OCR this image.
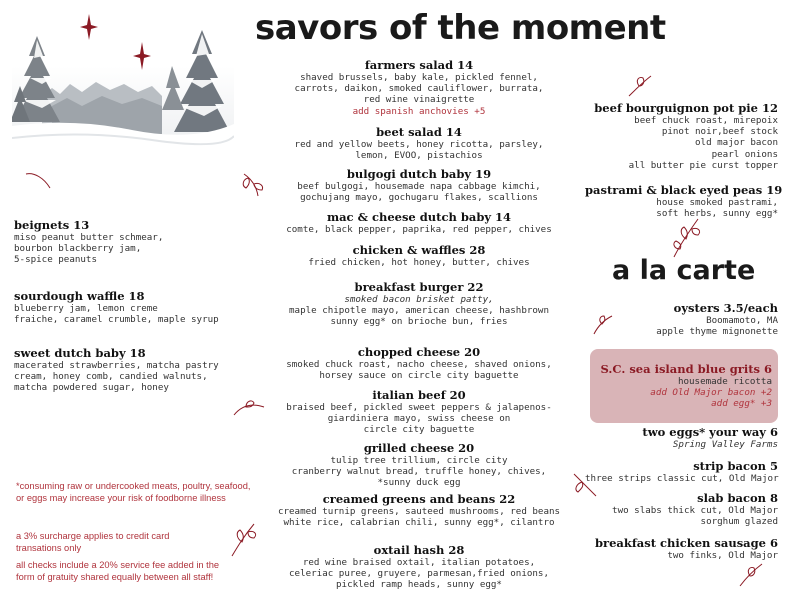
savors of the moment
farmers salad 14
shaved brussels, baby kale, pickled fennel,
carrots, daikon, smoked cauliflower, burrata,
red wine vinaigrette
add spanish anchovies +5
beet salad 14
red and yellow beets, honey ricotta, parsley,
lemon, EVOO, pistachios
bulgogi dutch baby 19
beef bulgogi, housemade napa cabbage kimchi,
gochujang mayo, gochugaru flakes, scallions
mac & cheese dutch baby 14
comte, black pepper, paprika, red pepper, chives
chicken & waffles 28
fried chicken, hot honey, butter, chives
breakfast burger 22
smoked bacon brisket patty,
maple chipotle mayo, american cheese, hashbrown
sunny egg* on brioche bun, fries
chopped cheese 20
smoked chuck roast, nacho cheese, shaved onions,
horsey sauce on circle city baguette
italian beef 20
braised beef, pickled sweet peppers & jalapenos-
giardiniera mayo, swiss cheese on
circle city baguette
grilled cheese 20
tulip tree trillium, circle city
cranberry walnut bread, truffle honey, chives,
*sunny duck egg
creamed greens and beans 22
creamed turnip greens, sauteed mushrooms, red beans
white rice, calabrian chili, sunny egg*, cilantro
oxtail hash 28
red wine braised oxtail, italian potatoes,
celeriac puree, gruyere, parmesan,fried onions,
pickled ramp heads, sunny egg*
beignets 13
miso peanut butter schmear,
bourbon blackberry jam,
5-spice peanuts
sourdough waffle 18
blueberry jam, lemon creme
fraiche, caramel crumble, maple syrup
sweet dutch baby 18
macerated strawberries, matcha pastry
cream, honey comb, candied walnuts,
matcha powdered sugar, honey
beef bourguignon pot pie 12
beef chuck roast, mirepoix
pinot noir,beef stock
old major bacon
pearl onions
all butter pie curst topper
pastrami & black eyed peas 19
house smoked pastrami,
soft herbs, sunny egg*
a la carte
oysters 3.5/each
Boomamoto, MA
apple thyme mignonette
S.C. sea island blue grits 6
housemade ricotta
add Old Major bacon +2
add egg* +3
two eggs* your way 6
Spring Valley Farms
strip bacon 5
three strips classic cut, Old Major
slab bacon 8
two slabs thick cut, Old Major
sorghum glazed
breakfast chicken sausage 6
two finks, Old Major
*consuming raw or undercooked meats, poultry, seafood, or eggs may increase your risk of foodborne illness
a 3% surcharge applies to credit card transations only
all checks include a 20% service fee added in the form of gratuity shared equally between all staff!
